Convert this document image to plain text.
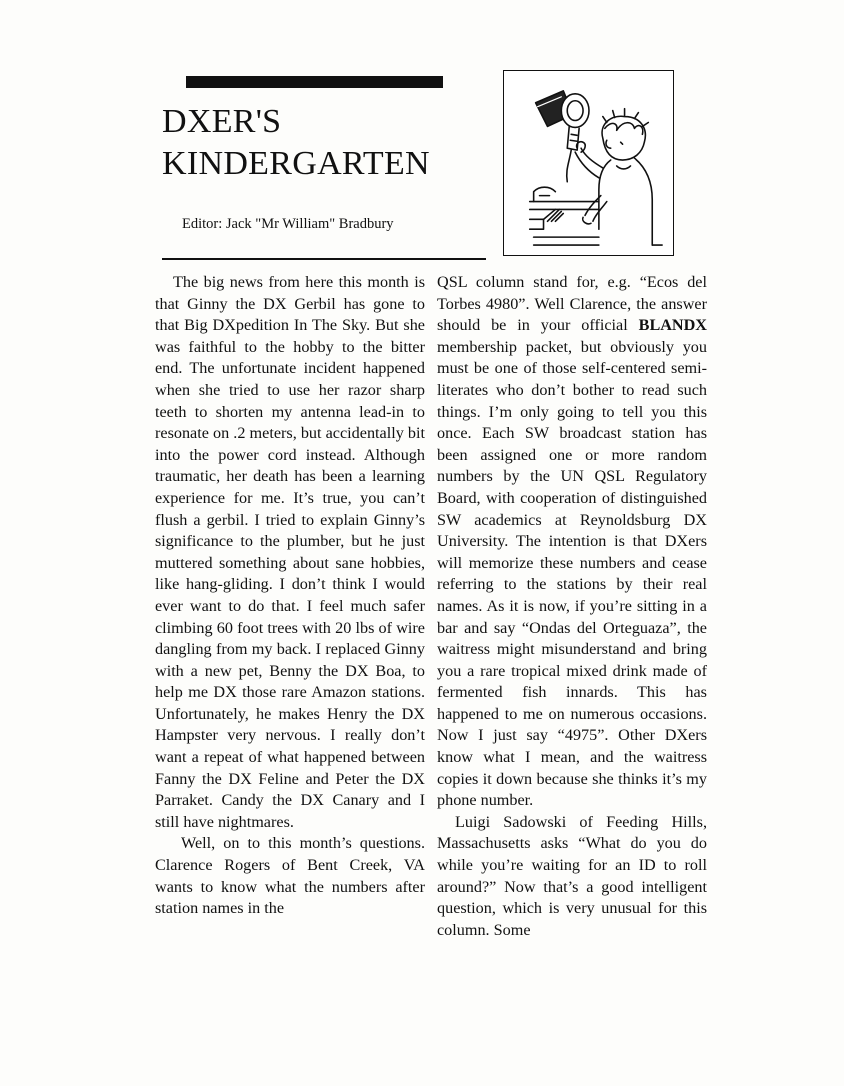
DXER'S
KINDERGARTEN
Editor: Jack "Mr William" Bradbury

The big news from here this month is that Ginny the DX Gerbil has gone to that Big DXpedition In The Sky. But she was faithful to the hobby to the bitter end. The unfortunate incident happened when she tried to use her razor sharp teeth to shorten my antenna lead-in to resonate on .2 meters, but accidentally bit into the power cord instead. Although traumatic, her death has been a learning experience for me. It’s true, you can’t flush a gerbil. I tried to explain Ginny’s significance to the plumber, but he just muttered something about sane hobbies, like hang-gliding. I don’t think I would ever want to do that. I feel much safer climbing 60 foot trees with 20 lbs of wire dangling from my back. I replaced Ginny with a new pet, Benny the DX Boa, to help me DX those rare Amazon stations. Unfortunately, he makes Henry the DX Hampster very nervous. I really don’t want a repeat of what happened between Fanny the DX Feline and Peter the DX Parraket. Candy the DX Canary and I still have nightmares.

Well, on to this month’s questions. Clarence Rogers of Bent Creek, VA wants to know what the numbers after station names in the

QSL column stand for, e.g. “Ecos del Torbes 4980”. Well Clarence, the answer should be in your official BLANDX membership packet, but obviously you must be one of those self-centered semi-literates who don’t bother to read such things. I’m only going to tell you this once. Each SW broadcast station has been assigned one or more random numbers by the UN QSL Regulatory Board, with cooperation of distinguished SW academics at Reynoldsburg DX University. The intention is that DXers will memorize these numbers and cease referring to the stations by their real names. As it is now, if you’re sitting in a bar and say “Ondas del Orteguaza”, the waitress might misunderstand and bring you a rare tropical mixed drink made of fermented fish innards. This has happened to me on numerous occasions. Now I just say “4975”. Other DXers know what I mean, and the waitress copies it down because she thinks it’s my phone number.

Luigi Sadowski of Feeding Hills, Massachusetts asks “What do you do while you’re waiting for an ID to roll around?” Now that’s a good intelligent question, which is very unusual for this column. Some
